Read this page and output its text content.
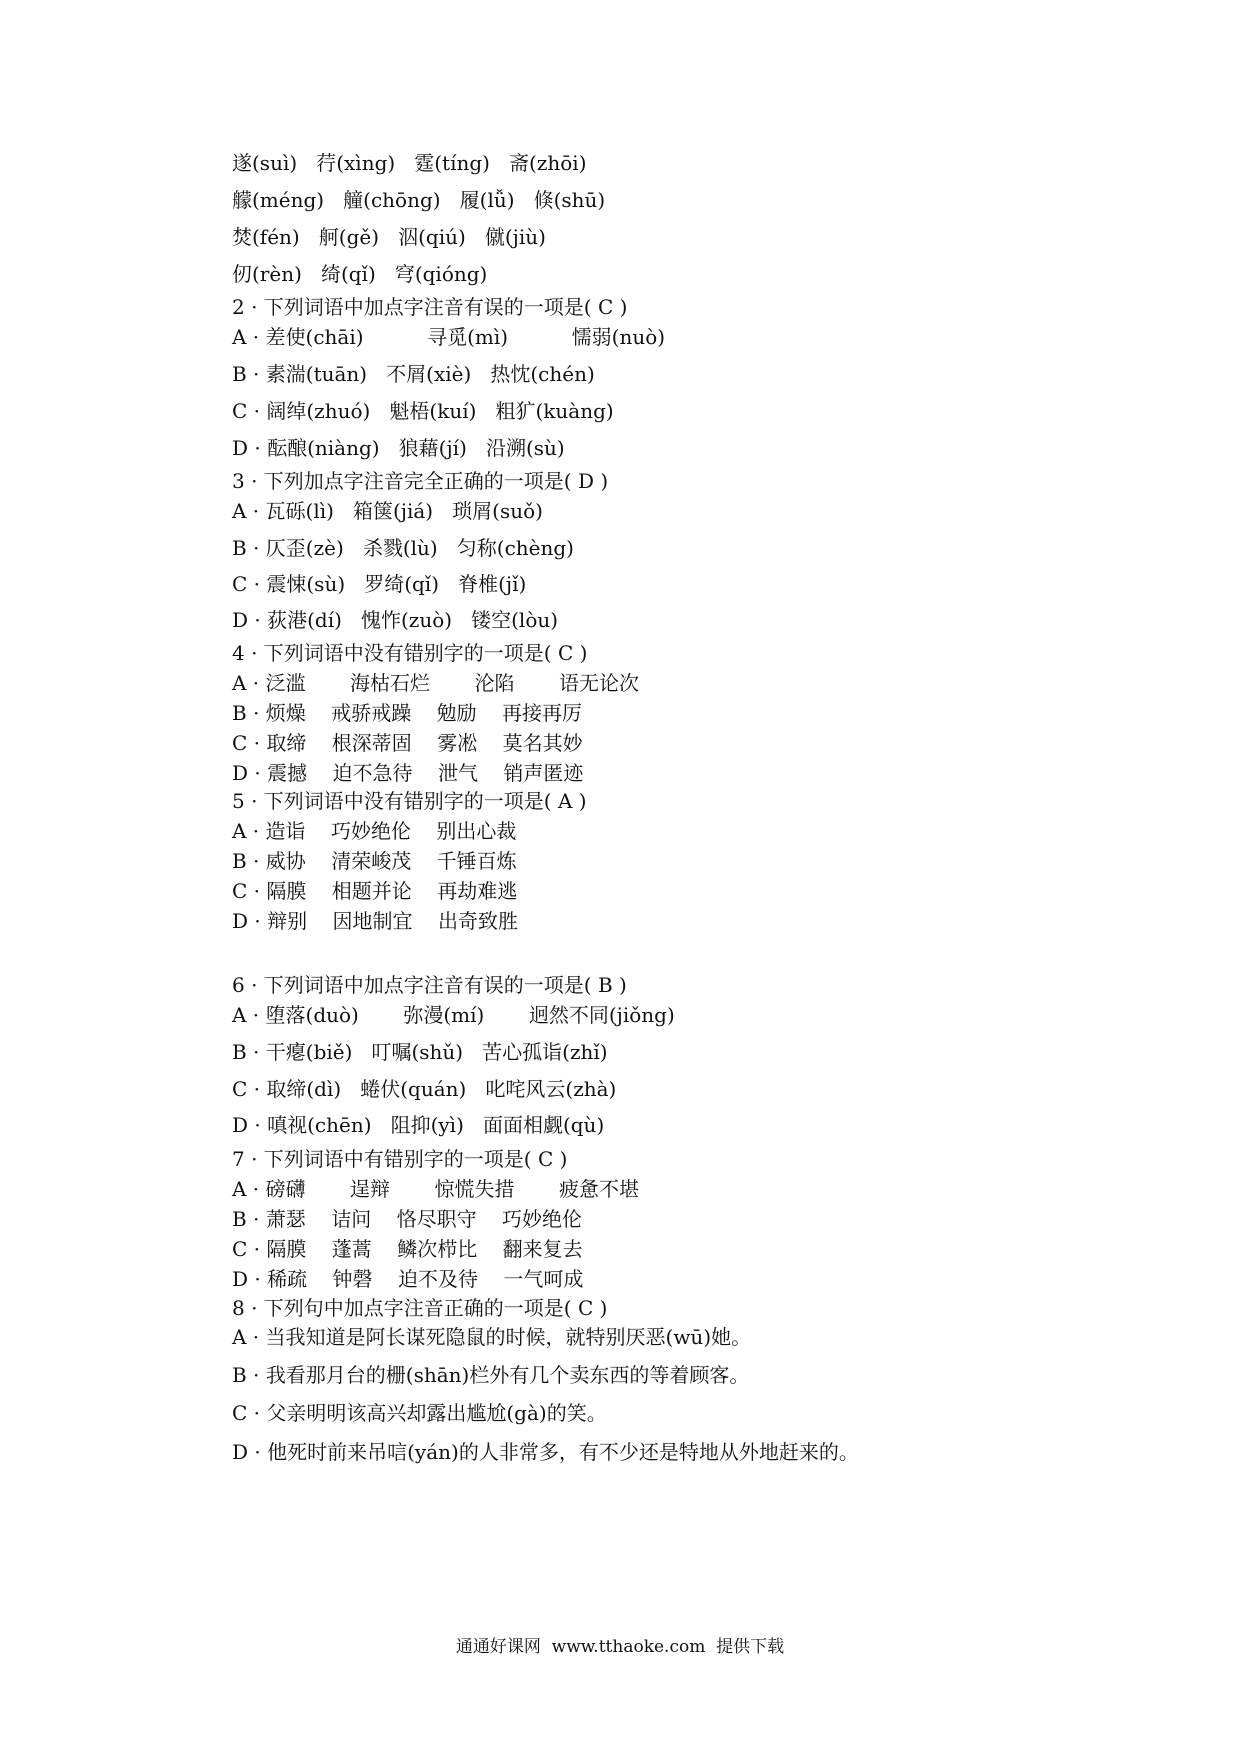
遂(suì)   荇(xìng)   霆(tíng)   斋(zhōi)
艨(méng)   艟(chōng)   履(lǚ)   倏(shū)
焚(fén)   舸(gě)   泅(qiú)   僦(jiù)
仞(rèn)   绮(qǐ)   穹(qióng)
2 · 下列词语中加点字注音有误的一项是( C )
A · 差使(chāi)          寻觅(mì)          懦弱(nuò)
B · 素湍(tuān)   不屑(xiè)   热忱(chén)
C · 阔绰(zhuó)   魁梧(kuí)   粗犷(kuàng)
D · 酝酿(niàng)   狼藉(jí)   沿溯(sù)
3 · 下列加点字注音完全正确的一项是( D )
A · 瓦砾(lì)   箱箧(jiá)   琐屑(suǒ)
B · 仄歪(zè)   杀戮(lù)   匀称(chèng)
C · 震悚(sù)   罗绮(qǐ)   脊椎(jǐ)
D · 荻港(dí)   愧怍(zuò)   镂空(lòu)
4 · 下列词语中没有错别字的一项是( C )
A · 泛滥       海枯石烂       沦陷       语无论次
B · 烦燥    戒骄戒躁    勉励    再接再厉
C · 取缔    根深蒂固    雾凇    莫名其妙
D · 震撼    迫不急待    泄气    销声匿迹
5 · 下列词语中没有错别字的一项是( A )
A · 造诣    巧妙绝伦    别出心裁
B · 威协    清荣峻茂    千锤百炼
C · 隔膜    相题并论    再劫难逃
D · 辩别    因地制宜    出奇致胜
6 · 下列词语中加点字注音有误的一项是( B )
A · 堕落(duò)       弥漫(mí)       迥然不同(jiǒng)
B · 干瘪(biě)   叮嘱(shǔ)   苦心孤诣(zhǐ)
C · 取缔(dì)   蜷伏(quán)   叱咤风云(zhà)
D · 嗔视(chēn)   阻抑(yì)   面面相觑(qù)
7 · 下列词语中有错别字的一项是( C )
A · 磅礴       逞辩       惊慌失措       疲惫不堪
B · 萧瑟    诘问    恪尽职守    巧妙绝伦
C · 隔膜    蓬蒿    鳞次栉比    翻来复去
D · 稀疏    钟磬    迫不及待    一气呵成
8 · 下列句中加点字注音正确的一项是( C )
A · 当我知道是阿长谋死隐鼠的时候，就特别厌恶(wū)她。
B · 我看那月台的栅(shān)栏外有几个卖东西的等着顾客。
C · 父亲明明该高兴却露出尴尬(gà)的笑。
D · 他死时前来吊唁(yán)的人非常多，有不少还是特地从外地赶来的。
通通好课网  www.tthaoke.com  提供下载
